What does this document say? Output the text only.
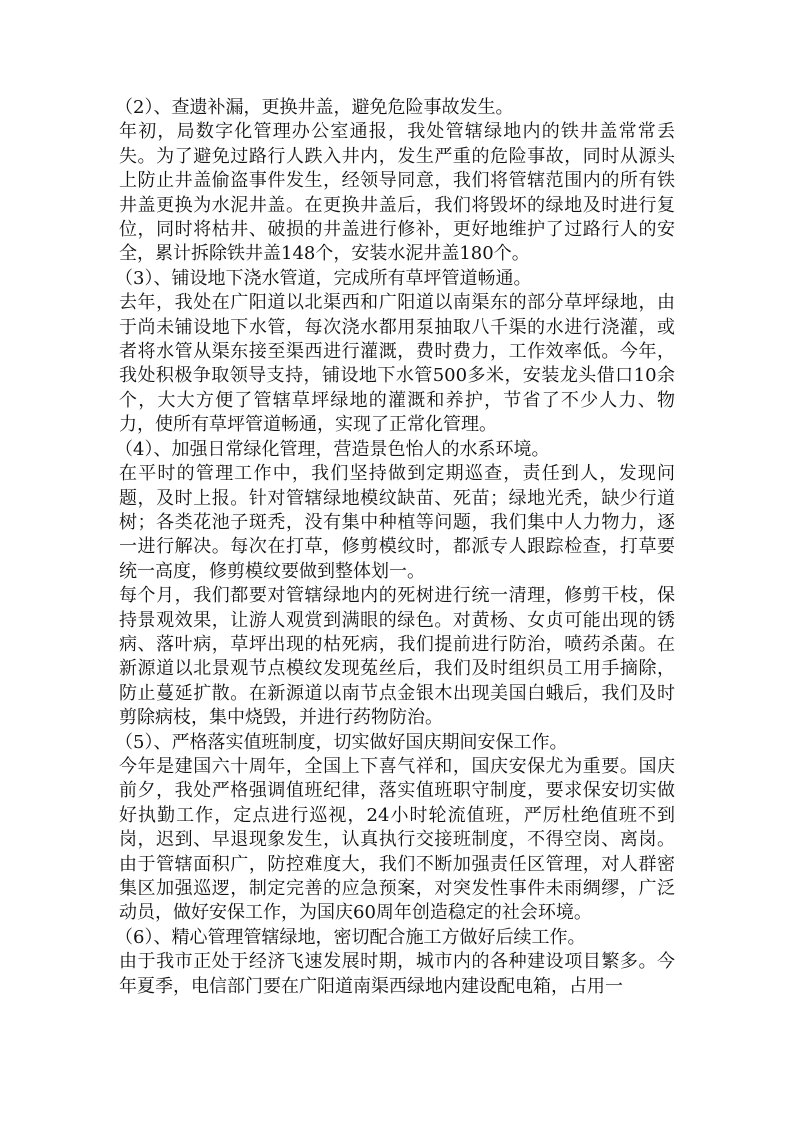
（2）、查遗补漏，更换井盖，避免危险事故发生。

年初，局数字化管理办公室通报，我处管辖绿地内的铁井盖常常丢失。为了避免过路行人跌入井内，发生严重的危险事故，同时从源头上防止井盖偷盗事件发生，经领导同意，我们将管辖范围内的所有铁井盖更换为水泥井盖。在更换井盖后，我们将毁坏的绿地及时进行复位，同时将枯井、破损的井盖进行修补，更好地维护了过路行人的安全，累计拆除铁井盖148个，安装水泥井盖180个。

（3）、铺设地下浇水管道，完成所有草坪管道畅通。

去年，我处在广阳道以北渠西和广阳道以南渠东的部分草坪绿地，由于尚未铺设地下水管，每次浇水都用泵抽取八千渠的水进行浇灌，或者将水管从渠东接至渠西进行灌溉，费时费力，工作效率低。今年，我处积极争取领导支持，铺设地下水管500多米，安装龙头借口10余个，大大方便了管辖草坪绿地的灌溉和养护，节省了不少人力、物力，使所有草坪管道畅通，实现了正常化管理。

（4）、加强日常绿化管理，营造景色怡人的水系环境。

在平时的管理工作中，我们坚持做到定期巡查，责任到人，发现问题，及时上报。针对管辖绿地模纹缺苗、死苗；绿地光秃，缺少行道树；各类花池子斑秃，没有集中种植等问题，我们集中人力物力，逐一进行解决。每次在打草，修剪模纹时，都派专人跟踪检查，打草要统一高度，修剪模纹要做到整体划一。

每个月，我们都要对管辖绿地内的死树进行统一清理，修剪干枝，保持景观效果，让游人观赏到满眼的绿色。对黄杨、女贞可能出现的锈病、落叶病，草坪出现的枯死病，我们提前进行防治，喷药杀菌。在新源道以北景观节点模纹发现菟丝后，我们及时组织员工用手摘除，防止蔓延扩散。在新源道以南节点金银木出现美国白蛾后，我们及时剪除病枝，集中烧毁，并进行药物防治。

（5）、严格落实值班制度，切实做好国庆期间安保工作。

今年是建国六十周年，全国上下喜气祥和，国庆安保尤为重要。国庆前夕，我处严格强调值班纪律，落实值班职守制度，要求保安切实做好执勤工作，定点进行巡视，24小时轮流值班，严厉杜绝值班不到岗，迟到、早退现象发生，认真执行交接班制度，不得空岗、离岗。由于管辖面积广，防控难度大，我们不断加强责任区管理，对人群密集区加强巡逻，制定完善的应急预案，对突发性事件未雨绸缪，广泛动员，做好安保工作，为国庆60周年创造稳定的社会环境。

（6）、精心管理管辖绿地，密切配合施工方做好后续工作。

由于我市正处于经济飞速发展时期，城市内的各种建设项目繁多。今年夏季，电信部门要在广阳道南渠西绿地内建设配电箱，占用一
